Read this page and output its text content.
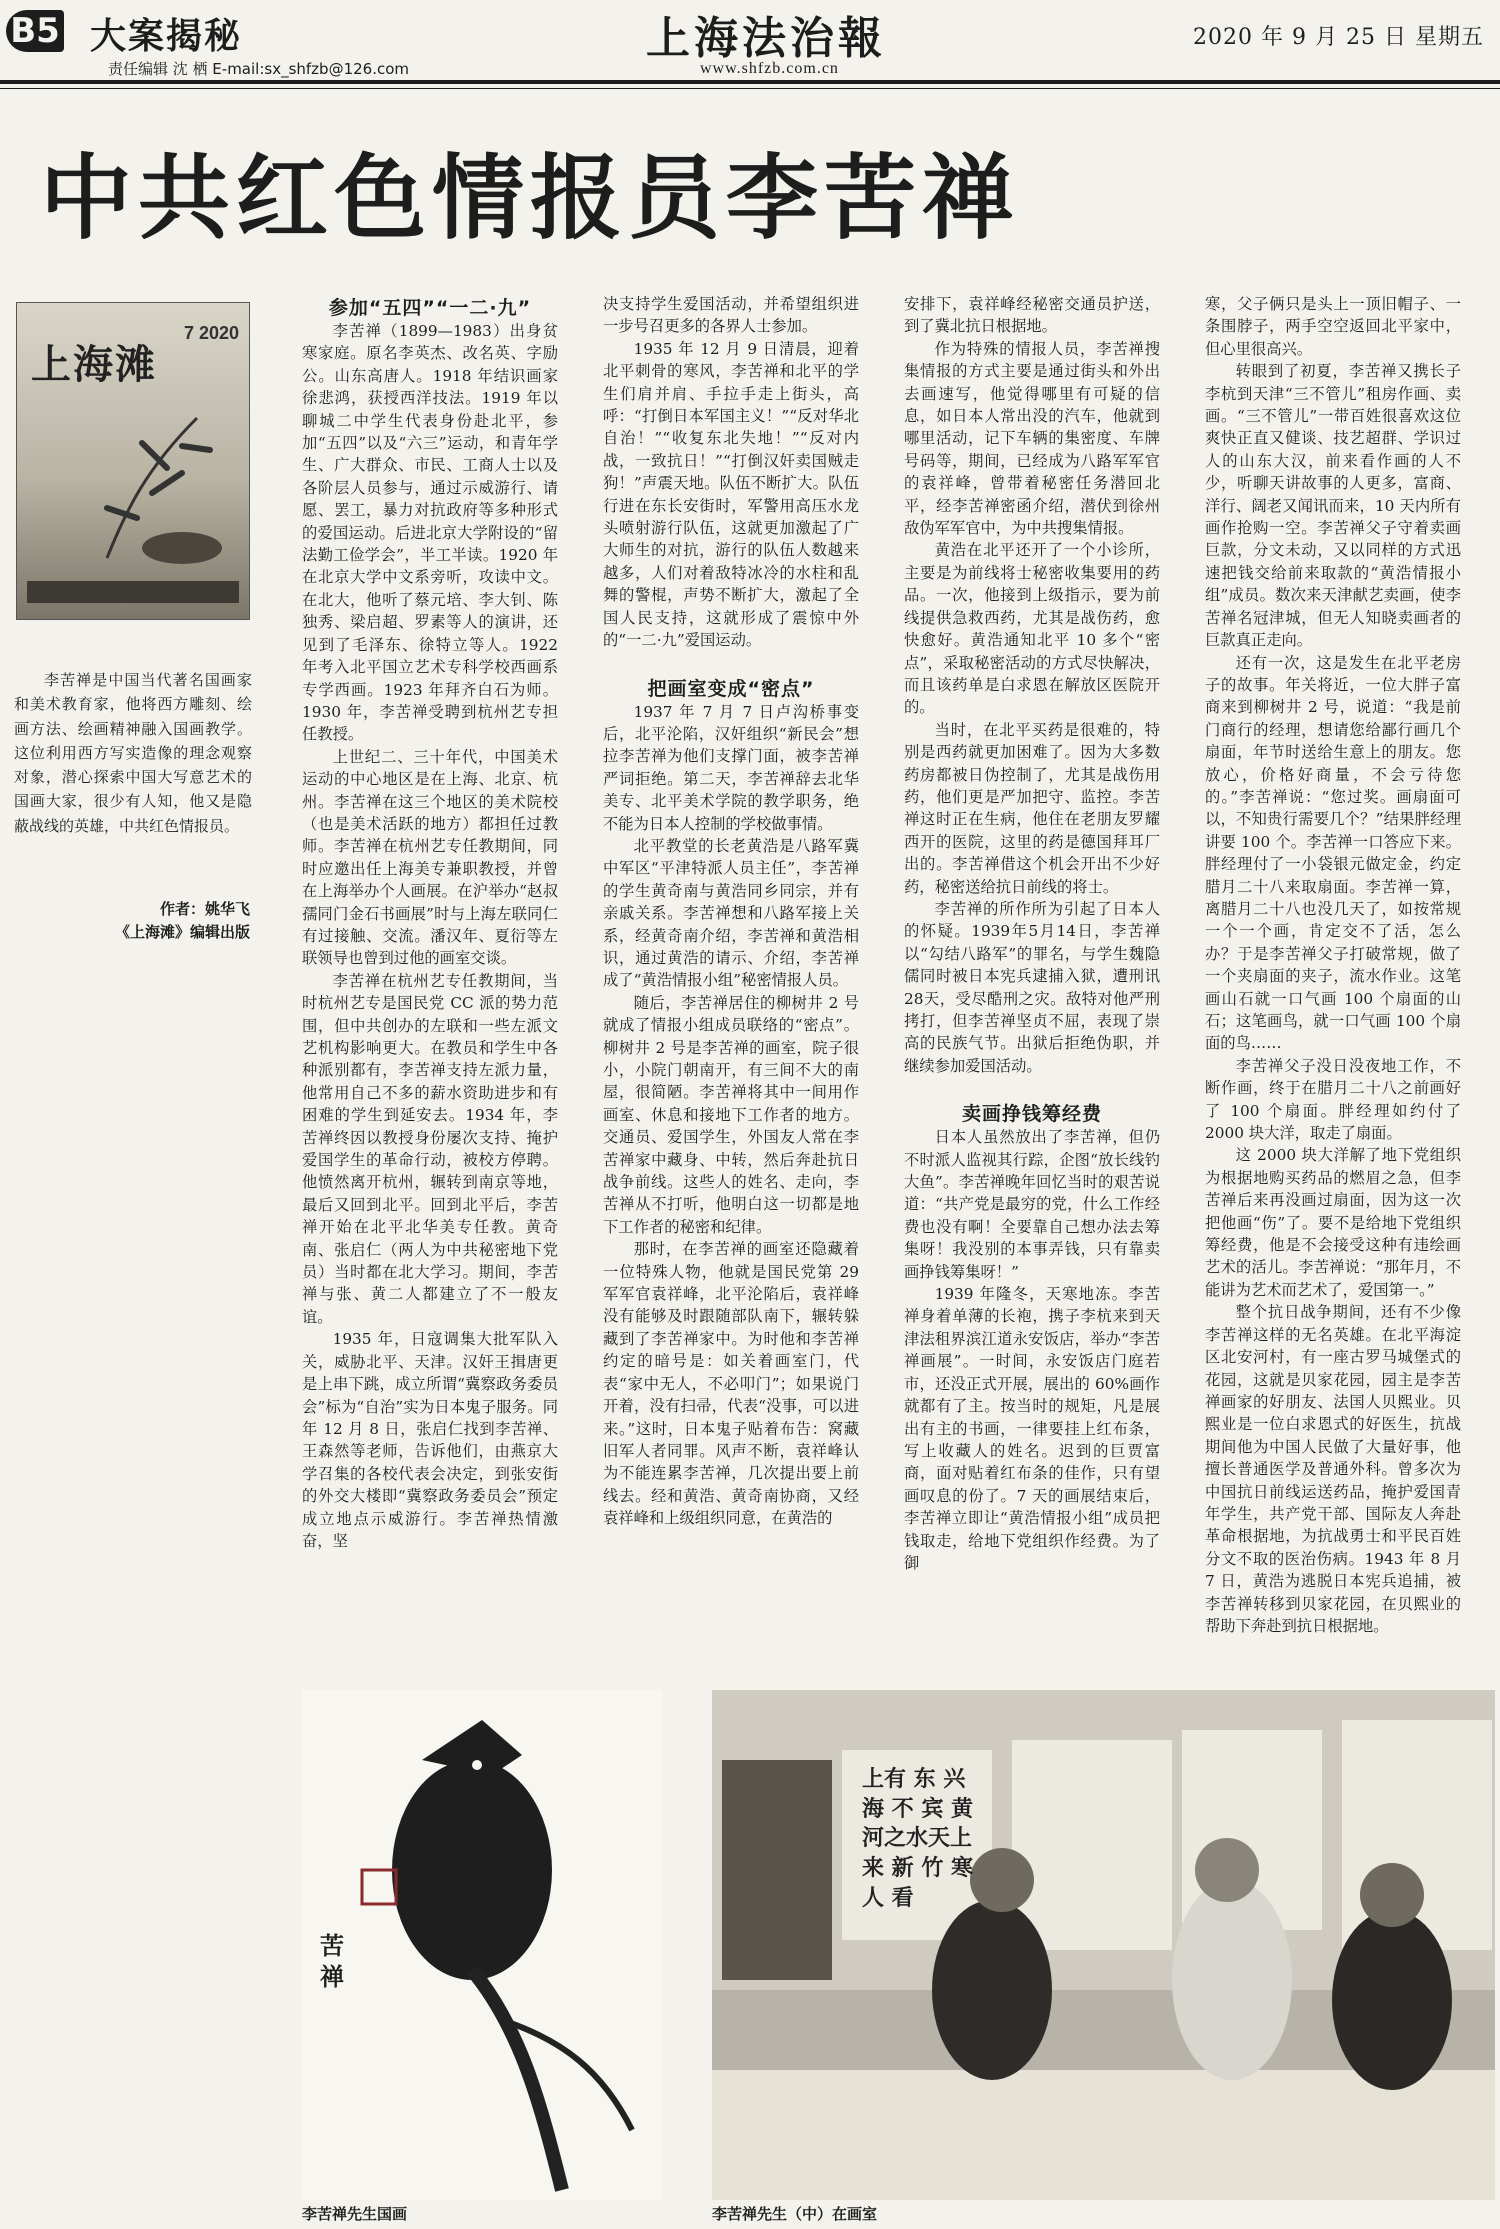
B5 大案揭秘
责任编辑 沈 栖 E-mail:sx_shfzb@126.com
上海法治報
www.shfzb.com.cn
2020 年 9 月 25 日 星期五
中共红色情报员李苦禅
上海滩
7 2020

李苦禅是中国当代著名国画家和美术教育家，他将西方雕刻、绘画方法、绘画精神融入国画教学。这位利用西方写实造像的理念观察对象，潜心探索中国大写意艺术的国画大家，很少有人知，他又是隐蔽战线的英雄，中共红色情报员。

作者：姚华飞
《上海滩》编辑出版

参加“五四”“一二·九”

李苦禅（1899—1983）出身贫寒家庭。原名李英杰、改名英、字励公。山东高唐人。1918 年结识画家徐悲鸿，获授西洋技法。1919 年以聊城二中学生代表身份赴北平，参加“五四”以及“六三”运动，和青年学生、广大群众、市民、工商人士以及各阶层人员参与，通过示威游行、请愿、罢工，暴力对抗政府等多种形式的爱国运动。后进北京大学附设的“留法勤工俭学会”，半工半读。1920 年在北京大学中文系旁听，攻读中文。在北大，他听了蔡元培、李大钊、陈独秀、梁启超、罗素等人的演讲，还见到了毛泽东、徐特立等人。1922 年考入北平国立艺术专科学校西画系专学西画。1923 年拜齐白石为师。1930 年，李苦禅受聘到杭州艺专担任教授。

上世纪二、三十年代，中国美术运动的中心地区是在上海、北京、杭州。李苦禅在这三个地区的美术院校（也是美术活跃的地方）都担任过教师。李苦禅在杭州艺专任教期间，同时应邀出任上海美专兼职教授，并曾在上海举办个人画展。在沪举办“赵叔孺同门金石书画展”时与上海左联同仁有过接触、交流。潘汉年、夏衍等左联领导也曾到过他的画室交谈。

李苦禅在杭州艺专任教期间，当时杭州艺专是国民党 CC 派的势力范围，但中共创办的左联和一些左派文艺机构影响更大。在教员和学生中各种派别都有，李苦禅支持左派力量，他常用自己不多的薪水资助进步和有困难的学生到延安去。1934 年，李苦禅终因以教授身份屡次支持、掩护爱国学生的革命行动，被校方停聘。他愤然离开杭州，辗转到南京等地，最后又回到北平。回到北平后，李苦禅开始在北平北华美专任教。黄奇南、张启仁（两人为中共秘密地下党员）当时都在北大学习。期间，李苦禅与张、黄二人都建立了不一般友谊。

1935 年，日寇调集大批军队入关，威胁北平、天津。汉奸王揖唐更是上串下跳，成立所谓“冀察政务委员会”标为“自治”实为日本鬼子服务。同年 12 月 8 日，张启仁找到李苦禅、王森然等老师，告诉他们，由燕京大学召集的各校代表会决定，到张安街的外交大楼即“冀察政务委员会”预定成立地点示威游行。李苦禅热情激奋，坚

决支持学生爱国活动，并希望组织进一步号召更多的各界人士参加。

1935 年 12 月 9 日清晨，迎着北平刺骨的寒风，李苦禅和北平的学生们肩并肩、手拉手走上街头，高呼：“打倒日本军国主义！”“反对华北自治！”“收复东北失地！”“反对内战，一致抗日！”“打倒汉奸卖国贼走狗！”声震天地。队伍不断扩大。队伍行进在东长安街时，军警用高压水龙头喷射游行队伍，这就更加激起了广大师生的对抗，游行的队伍人数越来越多，人们对着敌特冰冷的水柱和乱舞的警棍，声势不断扩大，激起了全国人民支持，这就形成了震惊中外的“一二·九”爱国运动。

把画室变成“密点”

1937 年 7 月 7 日卢沟桥事变后，北平沦陷，汉奸组织“新民会”想拉李苦禅为他们支撑门面，被李苦禅严词拒绝。第二天，李苦禅辞去北华美专、北平美术学院的教学职务，绝不能为日本人控制的学校做事情。

北平教堂的长老黄浩是八路军冀中军区“平津特派人员主任”，李苦禅的学生黄奇南与黄浩同乡同宗，并有亲戚关系。李苦禅想和八路军接上关系，经黄奇南介绍，李苦禅和黄浩相识，通过黄浩的请示、介绍，李苦禅成了“黄浩情报小组”秘密情报人员。

随后，李苦禅居住的柳树井 2 号就成了情报小组成员联络的“密点”。柳树井 2 号是李苦禅的画室，院子很小，小院门朝南开，有三间不大的南屋，很简陋。李苦禅将其中一间用作画室、休息和接地下工作者的地方。交通员、爱国学生，外国友人常在李苦禅家中藏身、中转，然后奔赴抗日战争前线。这些人的姓名、走向，李苦禅从不打听，他明白这一切都是地下工作者的秘密和纪律。

那时，在李苦禅的画室还隐藏着一位特殊人物，他就是国民党第 29 军军官袁祥峰，北平沦陷后，袁祥峰没有能够及时跟随部队南下，辗转躲藏到了李苦禅家中。为时他和李苦禅约定的暗号是：如关着画室门，代表“家中无人，不必叩门”；如果说门开着，没有扫帚，代表“没事，可以进来。”这时，日本鬼子贴着布告：窝藏旧军人者同罪。风声不断，袁祥峰认为不能连累李苦禅，几次提出要上前线去。经和黄浩、黄奇南协商，又经袁祥峰和上级组织同意，在黄浩的

安排下，袁祥峰经秘密交通员护送，到了冀北抗日根据地。

作为特殊的情报人员，李苦禅搜集情报的方式主要是通过街头和外出去画速写，他觉得哪里有可疑的信息，如日本人常出没的汽车，他就到哪里活动，记下车辆的集密度、车牌号码等，期间，已经成为八路军军官的袁祥峰，曾带着秘密任务潜回北平，经李苦禅密函介绍，潜伏到徐州敌伪军军官中，为中共搜集情报。

黄浩在北平还开了一个小诊所，主要是为前线将士秘密收集要用的药品。一次，他接到上级指示，要为前线提供急救西药，尤其是战伤药，愈快愈好。黄浩通知北平 10 多个“密点”，采取秘密活动的方式尽快解决，而且该药单是白求恩在解放区医院开的。

当时，在北平买药是很难的，特别是西药就更加困难了。因为大多数药房都被日伪控制了，尤其是战伤用药，他们更是严加把守、监控。李苦禅这时正在生病，他住在老朋友罗耀西开的医院，这里的药是德国拜耳厂出的。李苦禅借这个机会开出不少好药，秘密送给抗日前线的将士。

李苦禅的所作所为引起了日本人的怀疑。1939年5月14日，李苦禅以“勾结八路军”的罪名，与学生魏隐儒同时被日本宪兵逮捕入狱，遭刑讯28天，受尽酷刑之灾。敌特对他严刑拷打，但李苦禅坚贞不屈，表现了崇高的民族气节。出狱后拒绝伪职，并继续参加爱国活动。

卖画挣钱筹经费

日本人虽然放出了李苦禅，但仍不时派人监视其行踪，企图“放长线钓大鱼”。李苦禅晚年回忆当时的艰苦说道：“共产党是最穷的党，什么工作经费也没有啊！全要靠自己想办法去筹集呀！我没别的本事弄钱，只有靠卖画挣钱筹集呀！”

1939 年隆冬，天寒地冻。李苦禅身着单薄的长袍，携子李杭来到天津法租界滨江道永安饭店，举办“李苦禅画展”。一时间，永安饭店门庭若市，还没正式开展，展出的 60%画作就都有了主。按当时的规矩，凡是展出有主的书画，一律要挂上红布条，写上收藏人的姓名。迟到的巨贾富商，面对贴着红布条的佳作，只有望画叹息的份了。7 天的画展结束后，李苦禅立即让“黄浩情报小组”成员把钱取走，给地下党组织作经费。为了御

寒，父子俩只是头上一顶旧帽子、一条围脖子，两手空空返回北平家中，但心里很高兴。

转眼到了初夏，李苦禅又携长子李杭到天津“三不管儿”租房作画、卖画。“三不管儿”一带百姓很喜欢这位爽快正直又健谈、技艺超群、学识过人的山东大汉，前来看作画的人不少，听聊天讲故事的人更多，富商、洋行、阔老又闻讯而来，10 天内所有画作抢购一空。李苦禅父子守着卖画巨款，分文未动，又以同样的方式迅速把钱交给前来取款的“黄浩情报小组”成员。数次来天津献艺卖画，使李苦禅名冠津城，但无人知晓卖画者的巨款真正走向。

还有一次，这是发生在北平老房子的故事。年关将近，一位大胖子富商来到柳树井 2 号，说道：“我是前门商行的经理，想请您给鄙行画几个扇面，年节时送给生意上的朋友。您放心，价格好商量，不会亏待您的。”李苦禅说：“您过奖。画扇面可以，不知贵行需要几个？”结果胖经理讲要 100 个。李苦禅一口答应下来。胖经理付了一小袋银元做定金，约定腊月二十八来取扇面。李苦禅一算，离腊月二十八也没几天了，如按常规一个一个画，肯定交不了活，怎么办？于是李苦禅父子打破常规，做了一个夹扇面的夹子，流水作业。这笔画山石就一口气画 100 个扇面的山石；这笔画鸟，就一口气画 100 个扇面的鸟……

李苦禅父子没日没夜地工作，不断作画，终于在腊月二十八之前画好了 100 个扇面。胖经理如约付了 2000 块大洋，取走了扇面。

这 2000 块大洋解了地下党组织为根据地购买药品的燃眉之急，但李苦禅后来再没画过扇面，因为这一次把他画“伤”了。要不是给地下党组织筹经费，他是不会接受这种有违绘画艺术的活儿。李苦禅说：“那年月，不能讲为艺术而艺术了，爱国第一。”

整个抗日战争期间，还有不少像李苦禅这样的无名英雄。在北平海淀区北安河村，有一座古罗马城堡式的花园，这就是贝家花园，园主是李苦禅画家的好朋友、法国人贝熙业。贝熙业是一位白求恩式的好医生，抗战期间他为中国人民做了大量好事，他擅长普通医学及普通外科。曾多次为中国抗日前线运送药品，掩护爱国青年学生，共产党干部、国际友人奔赴革命根据地，为抗战勇士和平民百姓分文不取的医治伤病。1943 年 8 月 7 日，黄浩为逃脱日本宪兵追捕，被李苦禅转移到贝家花园，在贝熙业的帮助下奔赴到抗日根据地。

苦禅
李苦禅先生国画
上有 东 兴 海 不 宾 黄河之水天上来 新 竹 寒 人 看
李苦禅先生（中）在画室
